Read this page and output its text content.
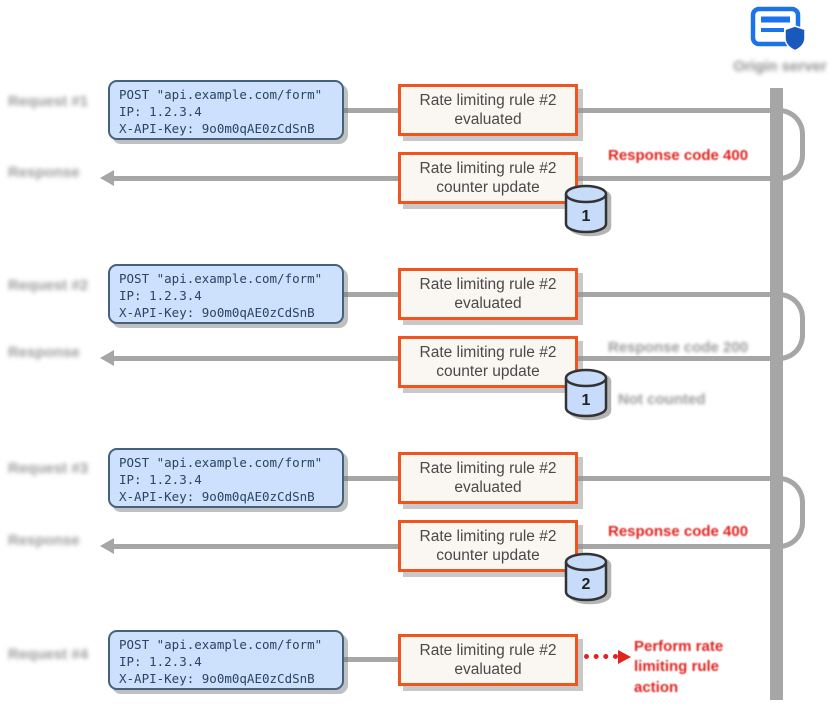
Origin server
Request #1 POST "api.example.com/form"
IP: 1.2.3.4
X-API-Key: 9o0m0qAE0zCdSnB
Rate limiting rule #2 evaluated
Response	Rate limiting rule #2 counter update
Response code 400
1
Request #2 POST "api.example.com/form"
IP: 1.2.3.4
X-API-Key: 9o0m0qAE0zCdSnB
Rate limiting rule #2 evaluated
Response	Rate limiting rule #2 counter update
Response code 200
Not counted
1
Request #3 POST "api.example.com/form"
IP: 1.2.3.4
X-API-Key: 9o0m0qAE0zCdSnB
Rate limiting rule #2 evaluated
Response	Rate limiting rule #2 counter update
Response code 400
2
Request #4
POST "api.example.com/form"
IP: 1.2.3.4
X-API-Key: 9o0m0qAE0zCdSnB
Rate limiting rule #2 evaluated
Perform rate limiting rule action
